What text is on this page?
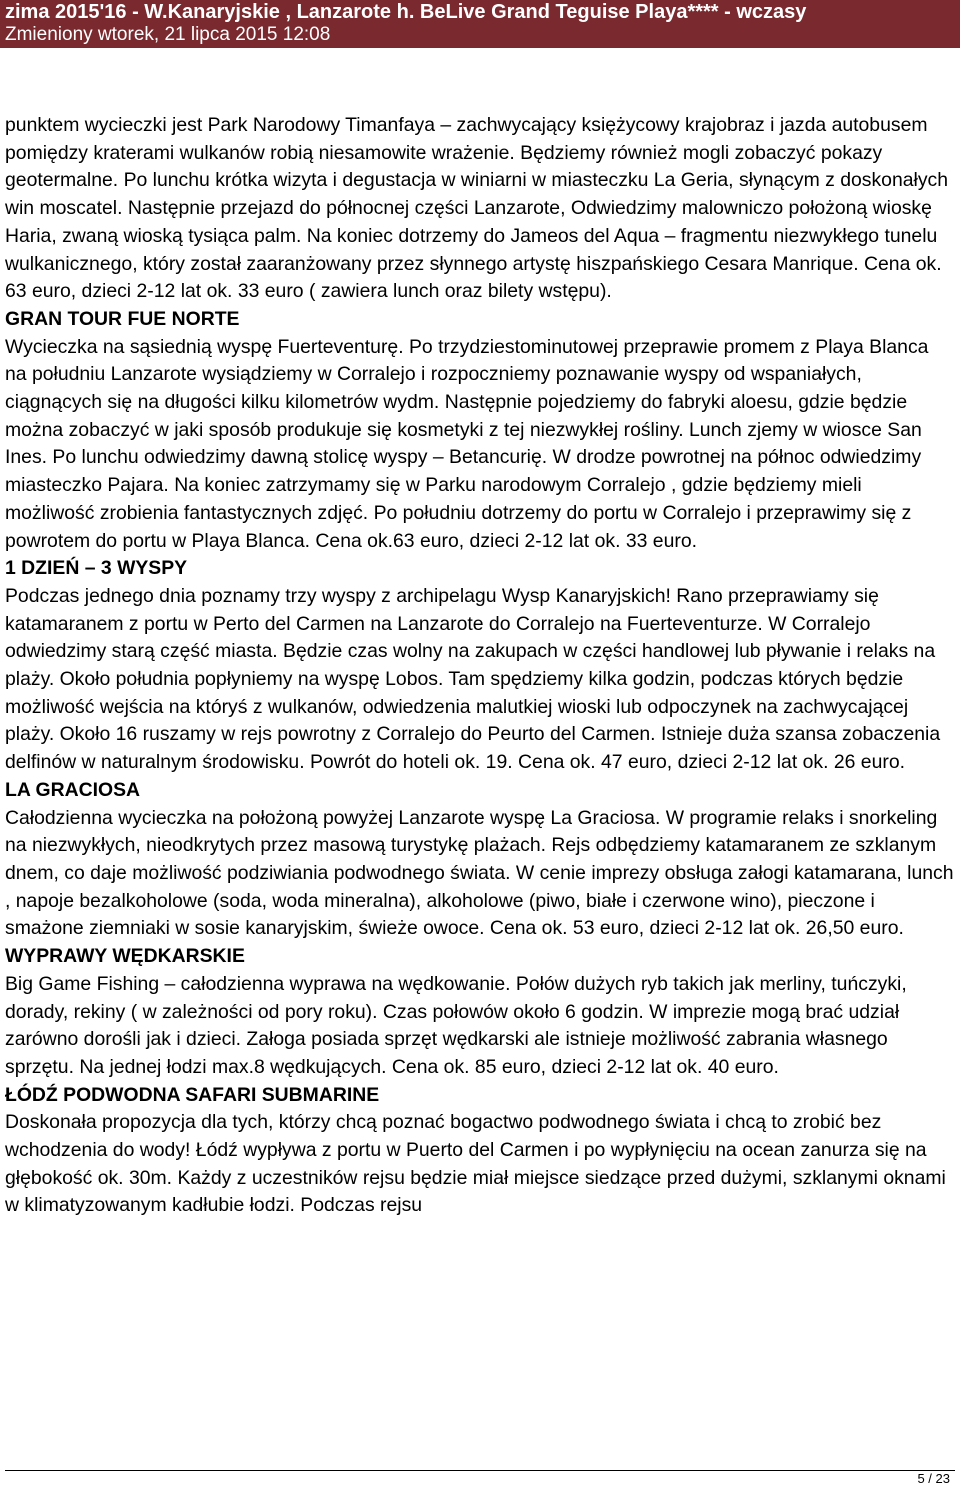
zima 2015'16 - W.Kanaryjskie , Lanzarote h. BeLive Grand Teguise Playa**** - wczasy
Zmieniony wtorek, 21 lipca 2015 12:08

punktem wycieczki jest Park Narodowy Timanfaya – zachwycający księżycowy krajobraz i jazda autobusem pomiędzy kraterami wulkanów robią niesamowite wrażenie. Będziemy również mogli zobaczyć pokazy geotermalne. Po lunchu krótka wizyta i degustacja w winiarni w miasteczku La Geria, słynącym z doskonałych win moscatel. Następnie przejazd do północnej części Lanzarote, Odwiedzimy malowniczo położoną wioskę Haria, zwaną wioską tysiąca palm. Na koniec dotrzemy do Jameos del Aqua – fragmentu niezwykłego tunelu wulkanicznego, który został zaaranżowany przez słynnego artystę hiszpańskiego Cesara Manrique. Cena ok. 63 euro, dzieci 2-12 lat ok. 33 euro ( zawiera lunch oraz bilety wstępu).

GRAN TOUR FUE NORTE

Wycieczka na sąsiednią wyspę Fuerteventurę. Po trzydziestominutowej przeprawie promem z Playa Blanca na południu Lanzarote wysiądziemy w Corralejo i rozpoczniemy poznawanie wyspy od wspaniałych, ciągnących się na długości kilku kilometrów wydm. Następnie pojedziemy do fabryki aloesu, gdzie będzie można zobaczyć w jaki sposób produkuje się kosmetyki z tej niezwykłej rośliny. Lunch zjemy w wiosce San Ines. Po lunchu odwiedzimy dawną stolicę wyspy – Betancurię. W drodze powrotnej na północ odwiedzimy miasteczko Pajara. Na koniec zatrzymamy się w Parku narodowym Corralejo , gdzie będziemy mieli możliwość zrobienia fantastycznych zdjęć. Po południu dotrzemy do portu w Corralejo i przeprawimy się z powrotem do portu w Playa Blanca. Cena ok.63 euro, dzieci 2-12 lat ok. 33 euro.

1 DZIEŃ – 3 WYSPY

Podczas jednego dnia poznamy trzy wyspy z archipelagu Wysp Kanaryjskich! Rano przeprawiamy się katamaranem z portu w Perto del Carmen na Lanzarote do Corralejo na Fuerteventurze. W Corralejo odwiedzimy starą część miasta. Będzie czas wolny na zakupach w części handlowej lub pływanie i relaks na plaży. Około południa popłyniemy na wyspę Lobos. Tam spędziemy kilka godzin, podczas których będzie możliwość wejścia na któryś z wulkanów, odwiedzenia malutkiej wioski lub odpoczynek na zachwycającej plaży. Około 16 ruszamy w rejs powrotny z Corralejo do Peurto del Carmen. Istnieje duża szansa zobaczenia delfinów w naturalnym środowisku. Powrót do hoteli ok. 19. Cena ok. 47 euro, dzieci 2-12 lat ok. 26 euro.

LA GRACIOSA

Całodzienna wycieczka na położoną powyżej Lanzarote wyspę La Graciosa. W programie relaks i snorkeling na niezwykłych, nieodkrytych przez masową turystykę plażach. Rejs odbędziemy katamaranem ze szklanym dnem, co daje możliwość podziwiania podwodnego świata. W cenie imprezy obsługa załogi katamarana, lunch , napoje bezalkoholowe (soda, woda mineralna), alkoholowe (piwo, białe i czerwone wino), pieczone i smażone ziemniaki w sosie kanaryjskim, świeże owoce. Cena ok. 53 euro, dzieci 2-12 lat ok. 26,50 euro.

WYPRAWY WĘDKARSKIE

Big Game Fishing – całodzienna wyprawa na wędkowanie. Połów dużych ryb takich jak merliny, tuńczyki, dorady, rekiny ( w zależności od pory roku). Czas połowów około 6 godzin. W imprezie mogą brać udział zarówno dorośli jak i dzieci. Załoga posiada sprzęt wędkarski ale istnieje możliwość zabrania własnego sprzętu. Na jednej łodzi max.8 wędkujących. Cena ok. 85 euro, dzieci 2-12 lat ok. 40 euro.

ŁÓDŹ PODWODNA SAFARI SUBMARINE

Doskonała propozycja dla tych, którzy chcą poznać bogactwo podwodnego świata i chcą to zrobić bez wchodzenia do wody! Łódź wypływa z portu w Puerto del Carmen i po wypłynięciu na ocean zanurza się na głębokość ok. 30m. Każdy z uczestników rejsu będzie miał miejsce siedzące przed dużymi, szklanymi oknami w klimatyzowanym kadłubie łodzi. Podczas rejsu

5 / 23
